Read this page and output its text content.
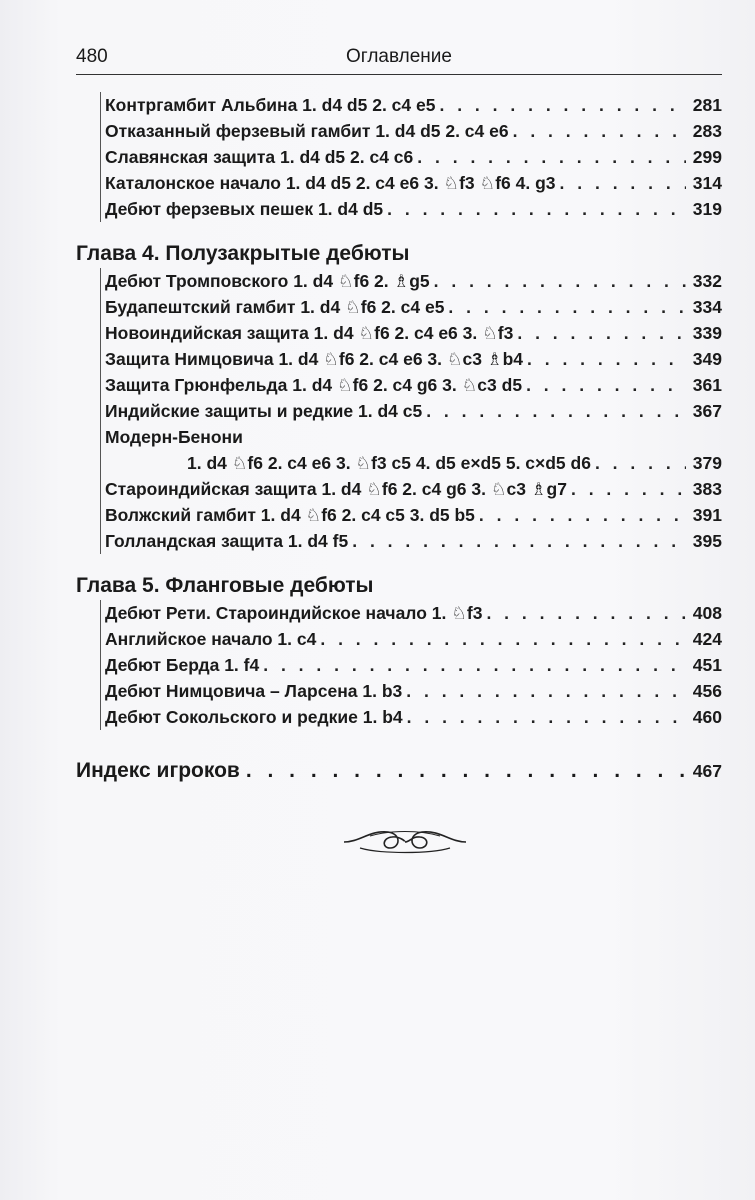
480	Оглавление
Контргамбит Альбина 1. d4 d5 2. c4 e5 . . .	281
Отказанный ферзевый гамбит 1. d4 d5 2. c4 e6 . . .	283
Славянская защита 1. d4 d5 2. c4 c6 . . .	299
Каталонское начало 1. d4 d5 2. c4 e6 3. ♘f3 ♘f6 4. g3 . . .	314
Дебют ферзевых пешек 1. d4 d5 . . .	319
Глава 4. Полузакрытые дебюты
Дебют Тромповского 1. d4 ♘f6 2. ♗g5 . . .	332
Будапештский гамбит 1. d4 ♘f6 2. c4 e5 . . .	334
Новоиндийская защита 1. d4 ♘f6 2. c4 e6 3. ♘f3 . . .	339
Защита Нимцовича 1. d4 ♘f6 2. c4 e6 3. ♘c3 ♗b4 . . .	349
Защита Грюнфельда 1. d4 ♘f6 2. c4 g6 3. ♘c3 d5 . . .	361
Индийские защиты и редкие 1. d4 c5 . . .	367
Модерн-Бенони
1. d4 ♘f6 2. c4 e6 3. ♘f3 c5 4. d5 e×d5 5. c×d5 d6 . . .	379
Староиндийская защита 1. d4 ♘f6 2. c4 g6 3. ♘c3 ♗g7 . . .	383
Волжский гамбит 1. d4 ♘f6 2. c4 c5 3. d5 b5 . . .	391
Голландская защита 1. d4 f5 . . .	395
Глава 5. Фланговые дебюты
Дебют Рети. Староиндийское начало 1. ♘f3 . . .	408
Английское начало 1. c4 . . .	424
Дебют Берда 1. f4 . . .	451
Дебют Нимцовича – Ларсена 1. b3 . . .	456
Дебют Сокольского и редкие 1. b4 . . .	460
Индекс игроков . . .	467
